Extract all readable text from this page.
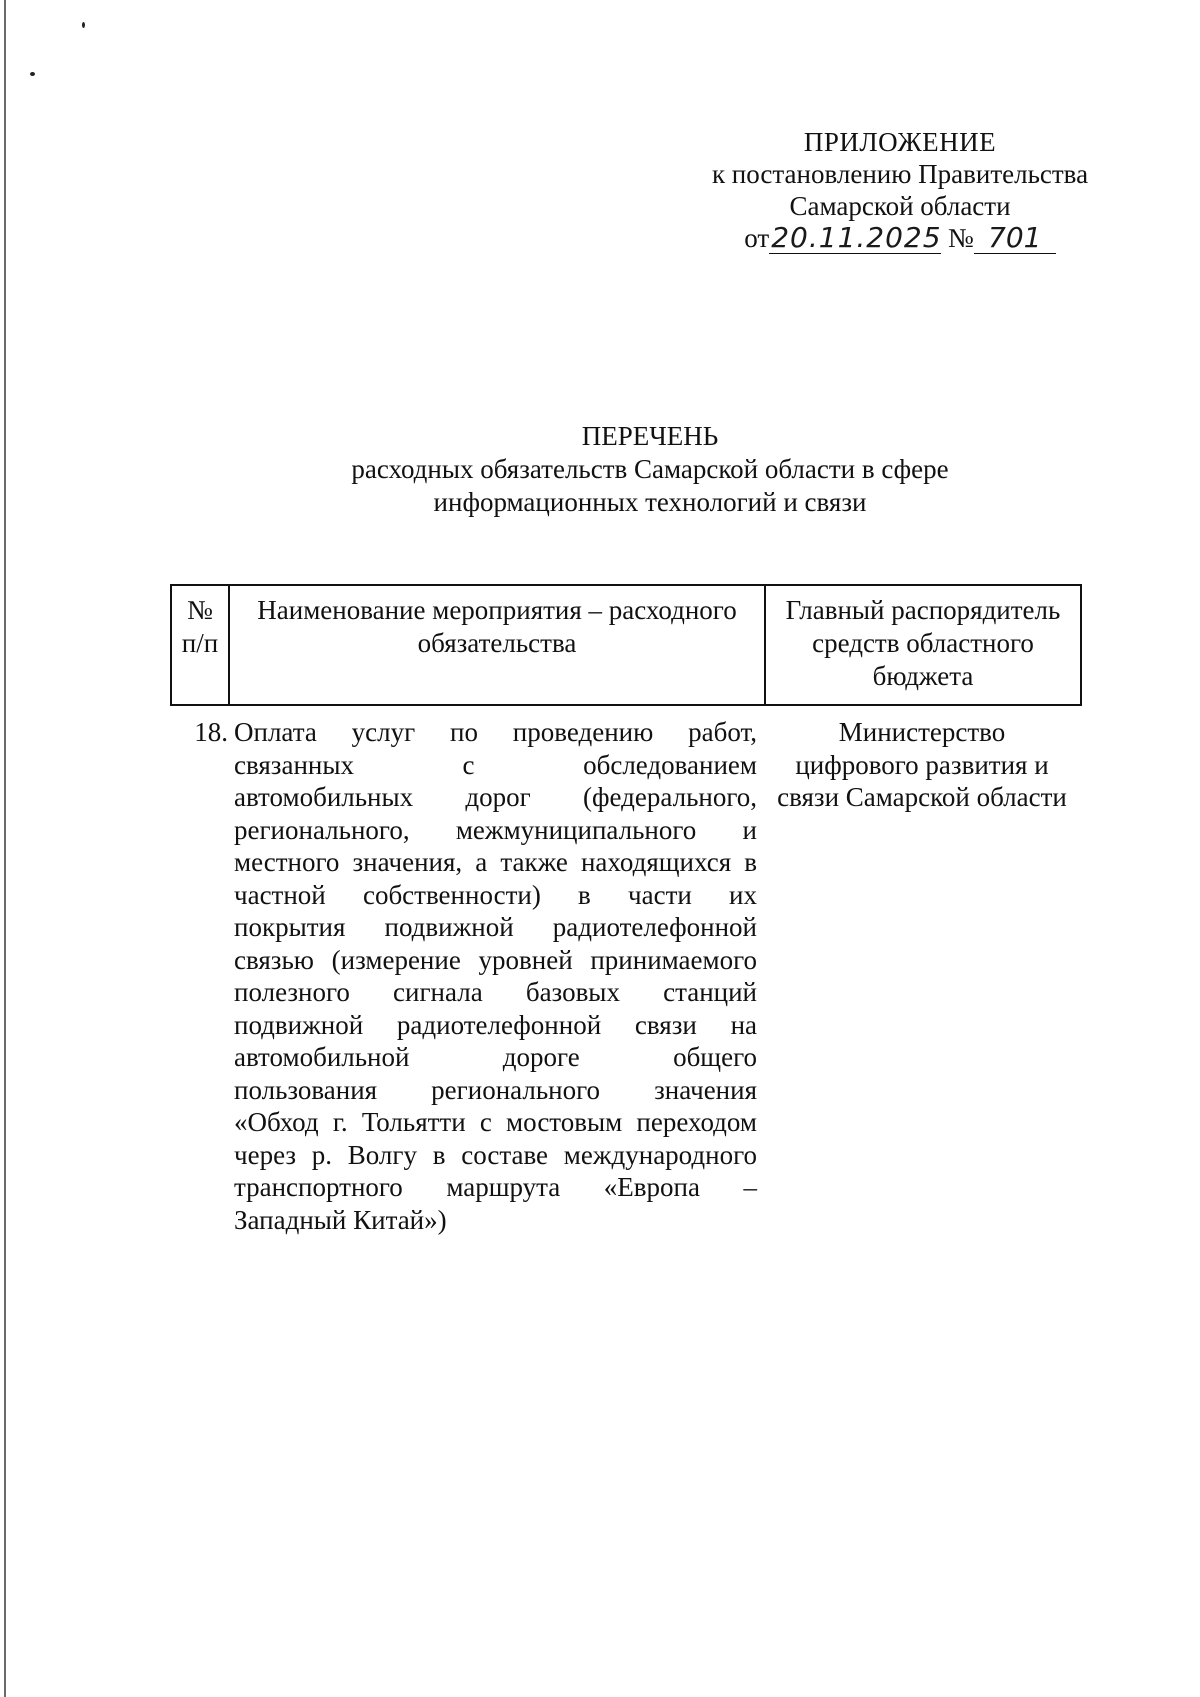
ПРИЛОЖЕНИЕ
к постановлению Правительства
Самарской области
от20.11.2025 № 701
ПЕРЕЧЕНЬ
расходных обязательств Самарской области в сфере
информационных технологий и связи
№
п/п
Наименование мероприятия – расходного
обязательства
Главный распорядитель
средств областного
бюджета
18. Оплата услуг по проведению работ,
связанных с обследованием
автомобильных дорог (федерального,
регионального, межмуниципального и
местного значения, а также находящихся в
частной собственности) в части их
покрытия подвижной радиотелефонной
связью (измерение уровней принимаемого
полезного сигнала базовых станций
подвижной радиотелефонной связи на
автомобильной дороге общего
пользования регионального значения
«Обход г. Тольятти с мостовым переходом
через р. Волгу в составе международного
транспортного маршрута «Европа –
Западный Китай»)
Министерство
цифрового развития и
связи Самарской области
